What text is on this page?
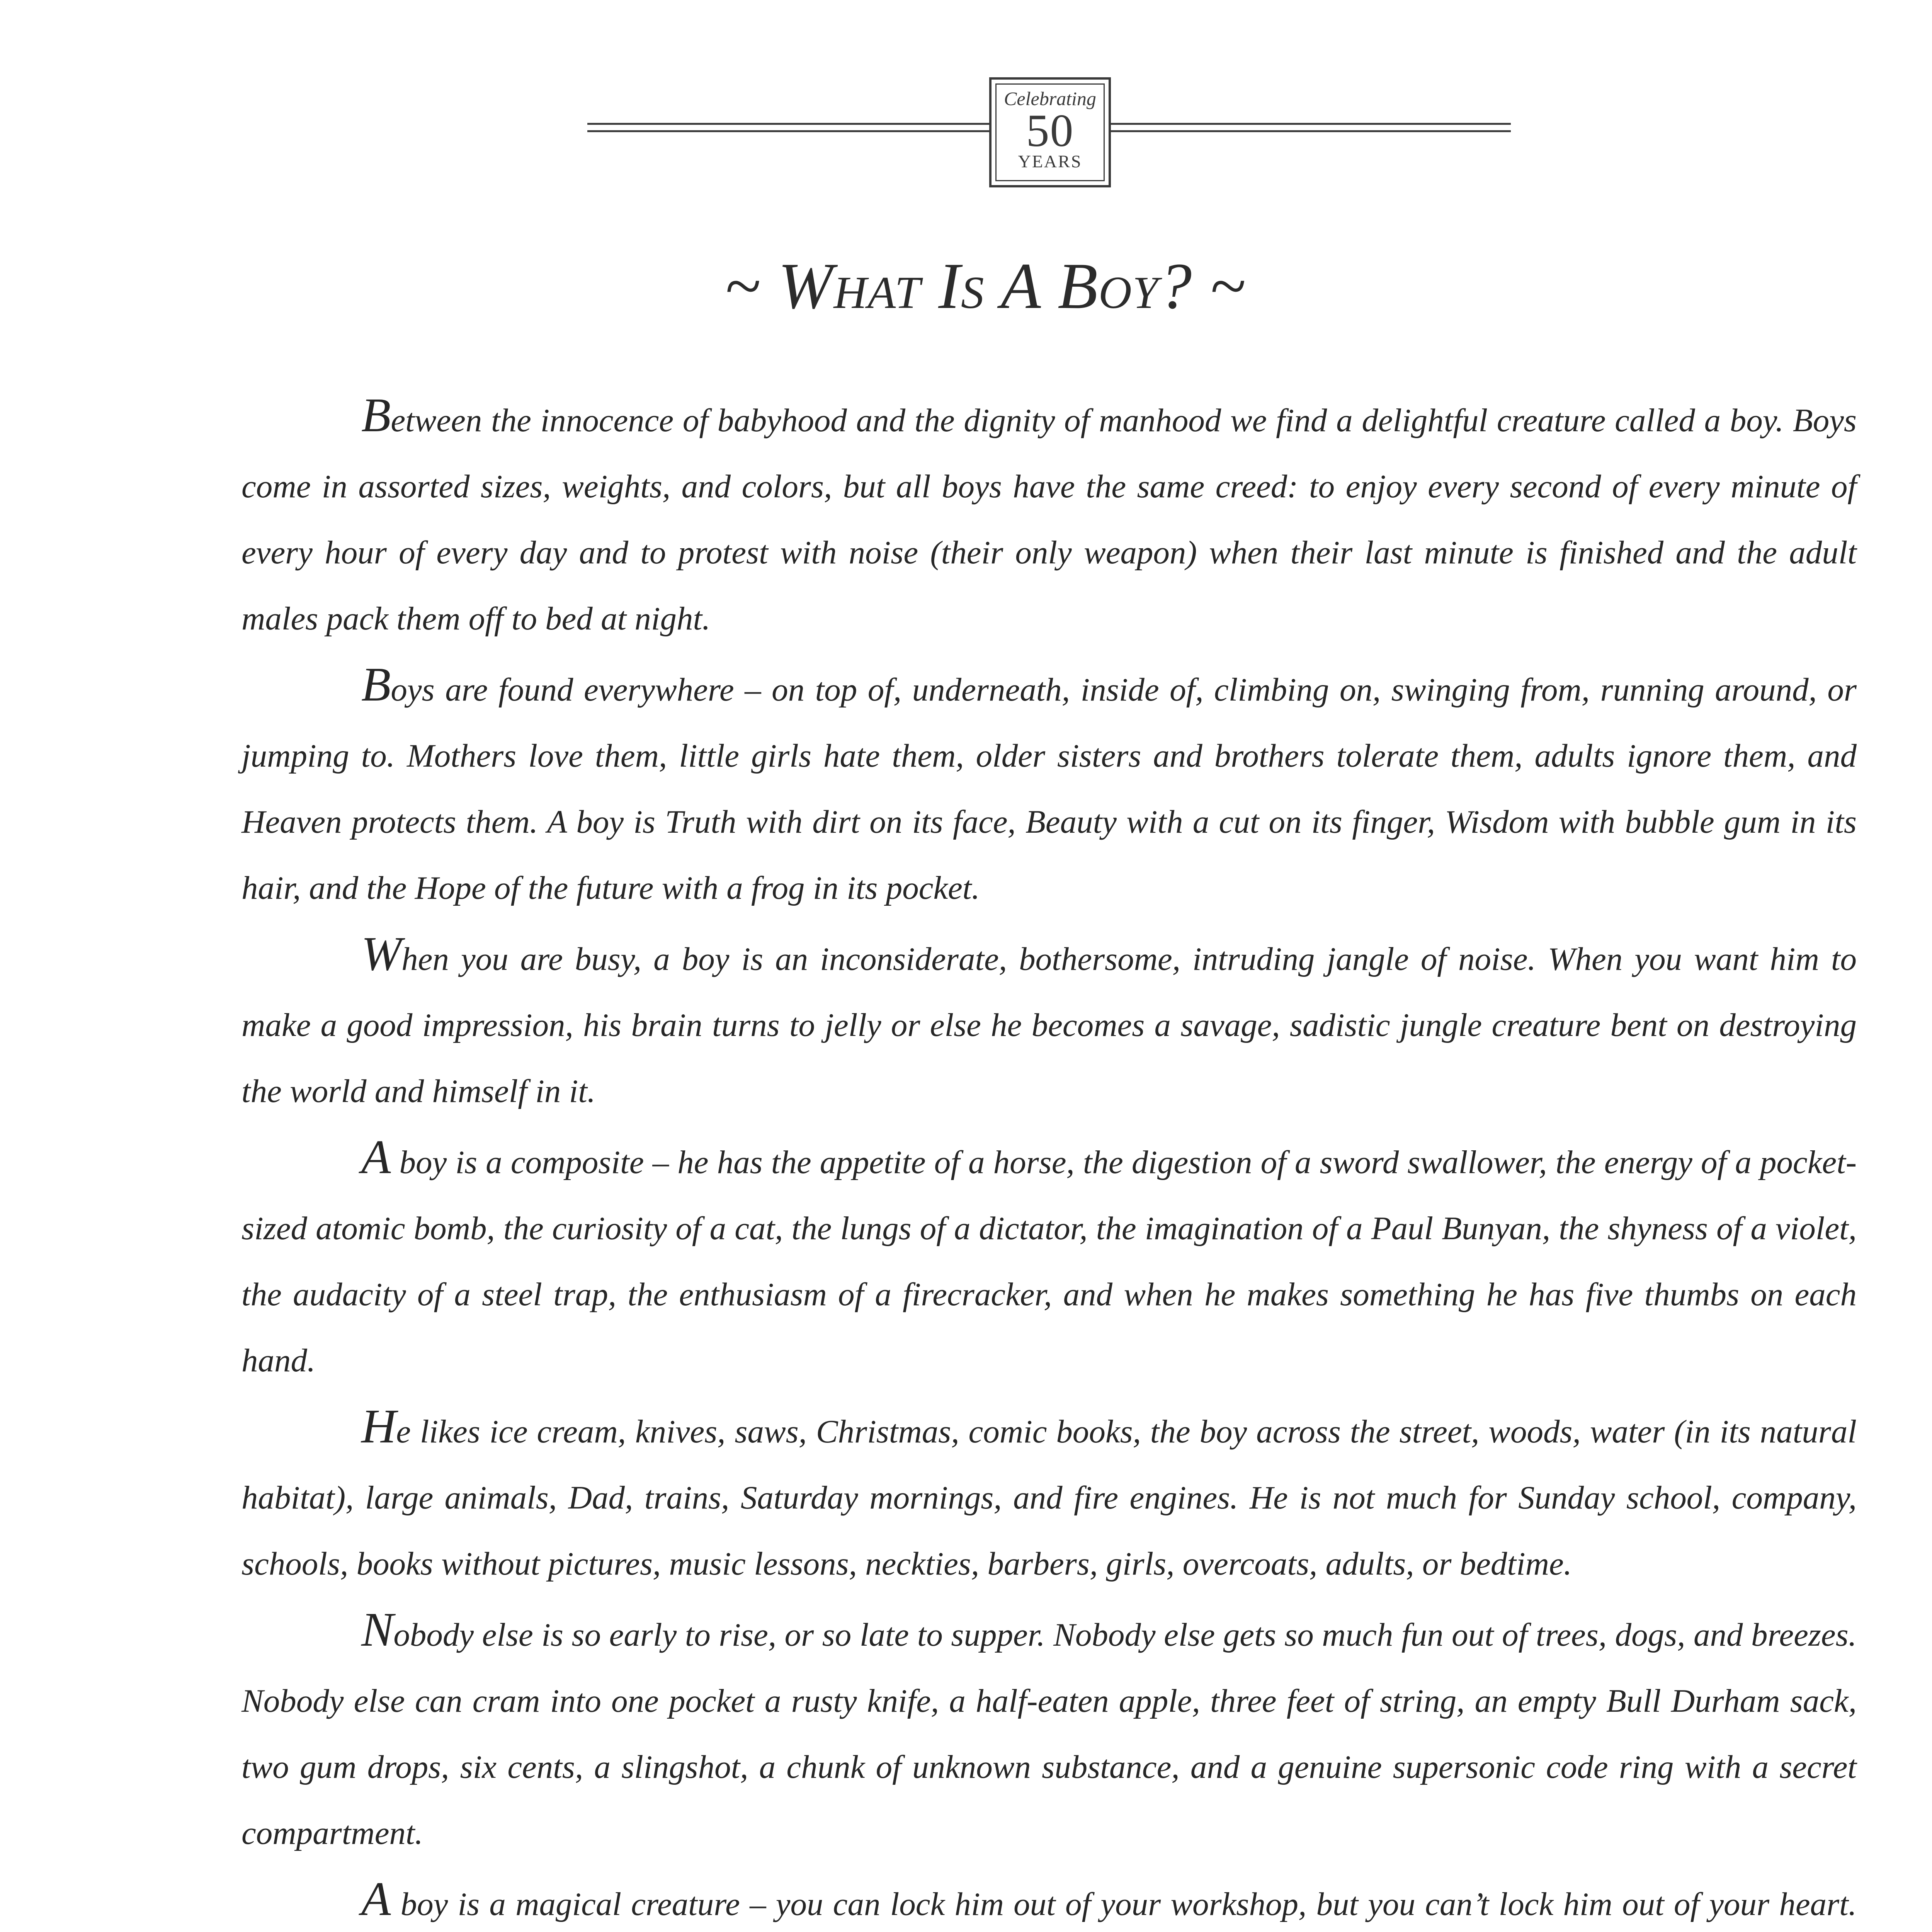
Celebrating
50
YEARS
~ What Is A Boy? ~

Between the innocence of babyhood and the dignity of manhood we find a delightful creature called a boy. Boys come in assorted sizes, weights, and colors, but all boys have the same creed: to enjoy every second of every minute of every hour of every day and to protest with noise (their only weapon) when their last minute is finished and the adult males pack them off to bed at night.

Boys are found everywhere – on top of, underneath, inside of, climbing on, swinging from, running around, or jumping to. Mothers love them, little girls hate them, older sisters and brothers tolerate them, adults ignore them, and Heaven protects them. A boy is Truth with dirt on its face, Beauty with a cut on its finger, Wisdom with bubble gum in its hair, and the Hope of the future with a frog in its pocket.

When you are busy, a boy is an inconsiderate, bothersome, intruding jangle of noise. When you want him to make a good impression, his brain turns to jelly or else he becomes a savage, sadistic jungle creature bent on destroying the world and himself in it.

A boy is a composite – he has the appetite of a horse, the digestion of a sword swallower, the energy of a pocket-sized atomic bomb, the curiosity of a cat, the lungs of a dictator, the imagination of a Paul Bunyan, the shyness of a violet, the audacity of a steel trap, the enthusiasm of a firecracker, and when he makes something he has five thumbs on each hand.

He likes ice cream, knives, saws, Christmas, comic books, the boy across the street, woods, water (in its natural habitat), large animals, Dad, trains, Saturday mornings, and fire engines. He is not much for Sunday school, company, schools, books without pictures, music lessons, neckties, barbers, girls, overcoats, adults, or bedtime.

Nobody else is so early to rise, or so late to supper. Nobody else gets so much fun out of trees, dogs, and breezes. Nobody else can cram into one pocket a rusty knife, a half-eaten apple, three feet of string, an empty Bull Durham sack, two gum drops, six cents, a slingshot, a chunk of unknown substance, and a genuine supersonic code ring with a secret compartment.

A boy is a magical creature – you can lock him out of your workshop, but you can’t lock him out of your heart.
